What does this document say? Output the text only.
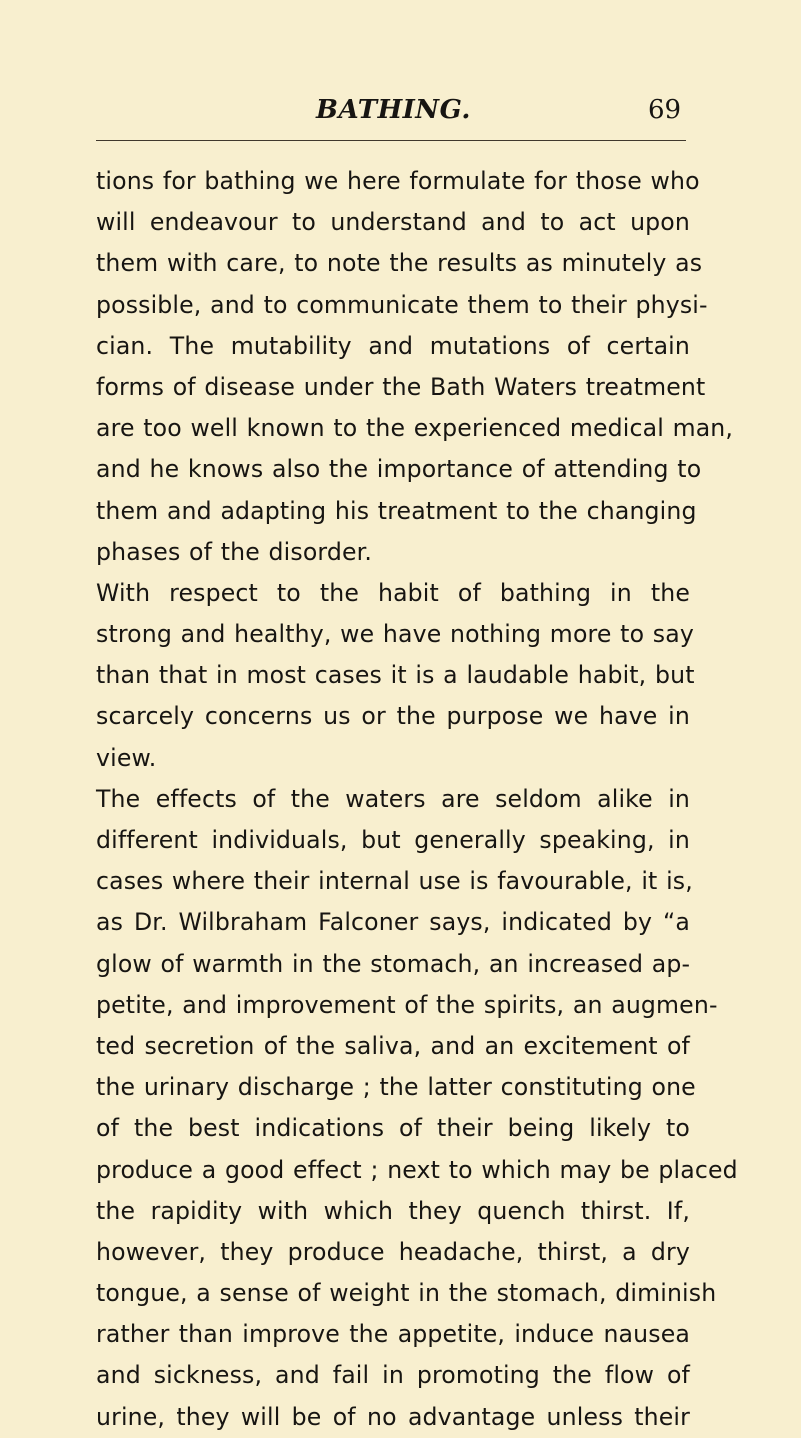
BATHING.	69
tions for bathing we here formulate for those who
will endeavour to understand and to act upon
them with care, to note the results as minutely as
possible, and to communicate them to their physi-
cian. The mutability and mutations of certain
forms of disease under the Bath Waters treatment
are too well known to the experienced medical man,
and he knows also the importance of attending to
them and adapting his treatment to the changing
phases of the disorder.
With respect to the habit of bathing in the
strong and healthy, we have nothing more to say
than that in most cases it is a laudable habit, but
scarcely concerns us or the purpose we have in
view.
The effects of the waters are seldom alike in
different individuals, but generally speaking, in
cases where their internal use is favourable, it is,
as Dr. Wilbraham Falconer says, indicated by “a
glow of warmth in the stomach, an increased ap-
petite, and improvement of the spirits, an augmen-
ted secretion of the saliva, and an excitement of
the urinary discharge ; the latter constituting one
of the best indications of their being likely to
produce a good effect ; next to which may be placed
the rapidity with which they quench thirst. If,
however, they produce headache, thirst, a dry
tongue, a sense of weight in the stomach, diminish
rather than improve the appetite, induce nausea
and sickness, and fail in promoting the flow of
urine, they will be of no advantage unless their
